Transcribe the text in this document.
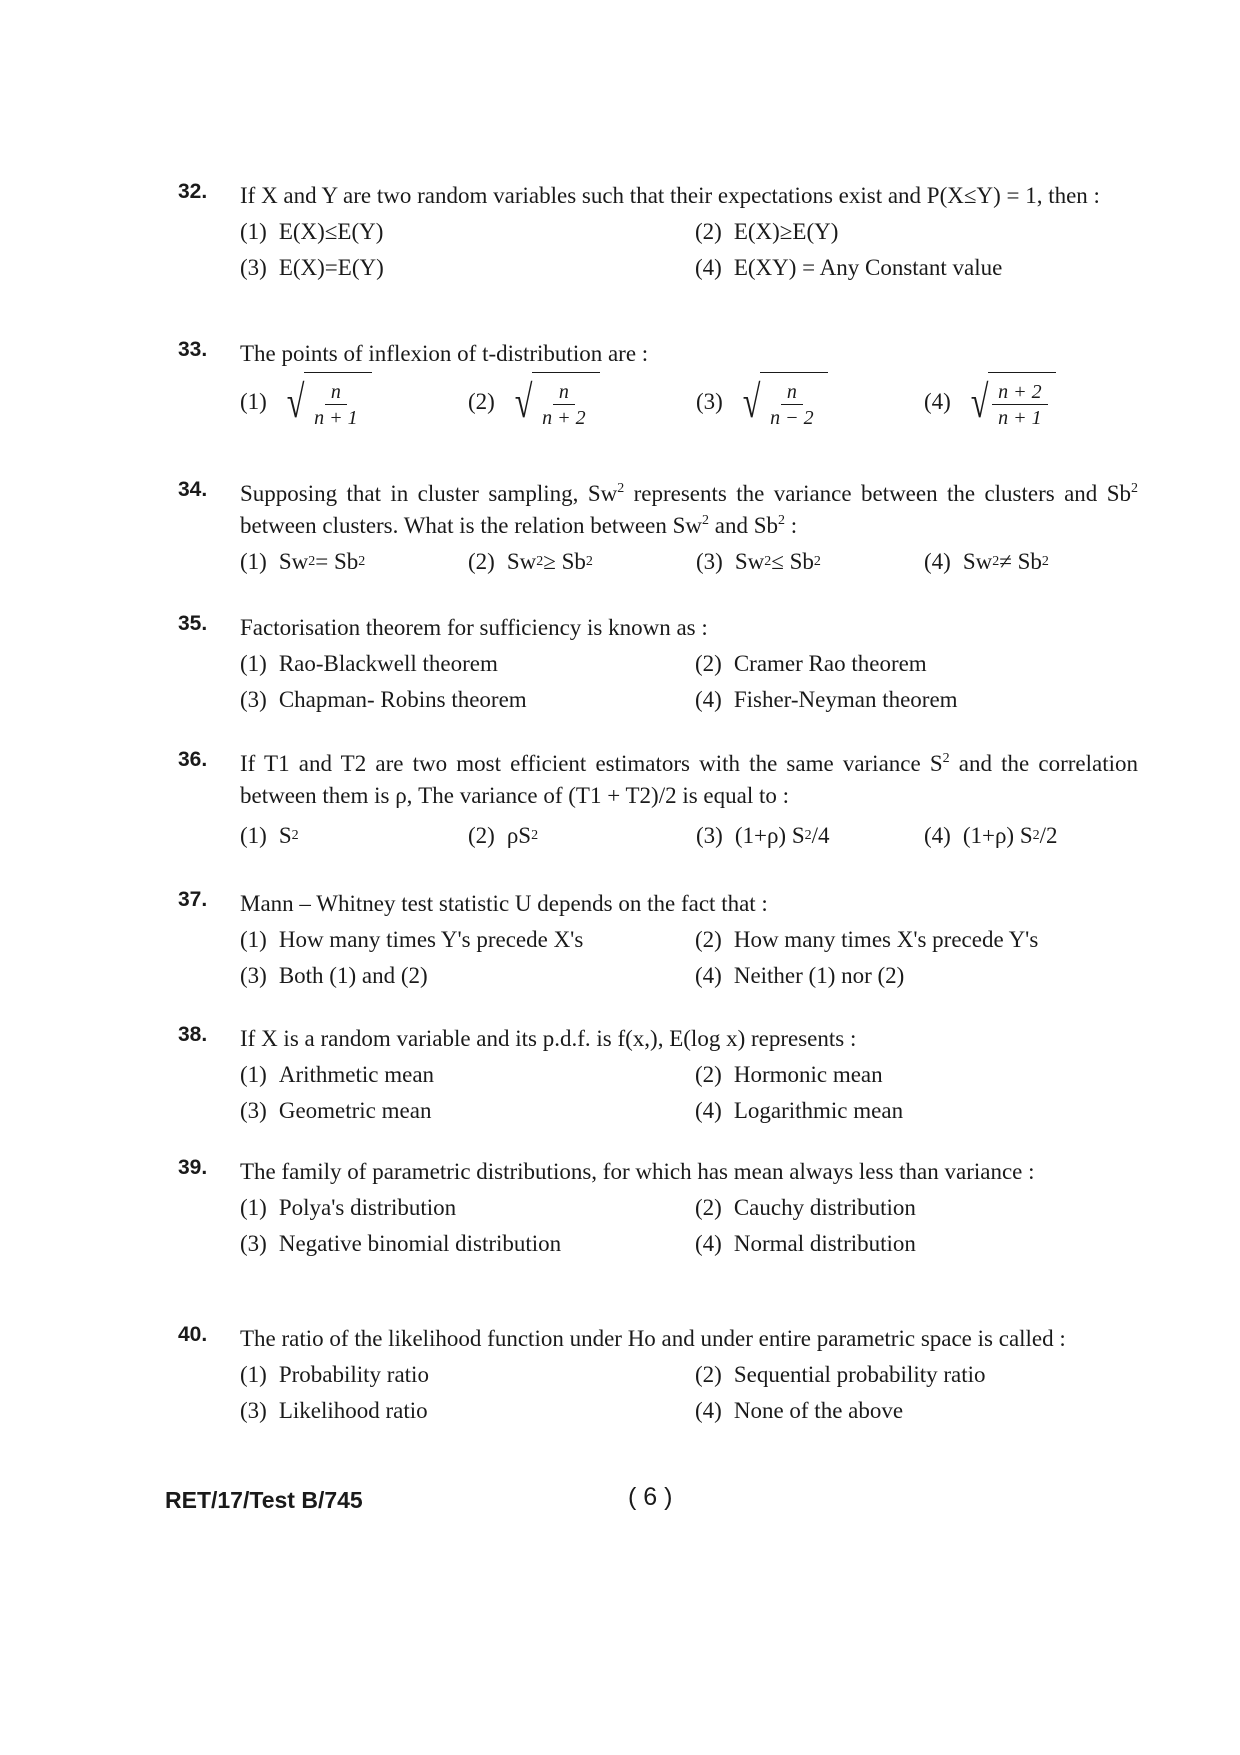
32. If X and Y are two random variables such that their expectations exist and P(X≤Y) = 1, then :
(1) E(X)≤E(Y)	(2) E(X)≥E(Y)
(3) E(X)=E(Y)	(4) E(XY) = Any Constant value
33. The points of inflexion of t-distribution are :
(1) √ $\frac{n}{n + 1}$	(2) √ $\frac{n}{n + 2}$	(3) √ $\frac{n}{n - 2}$	(4) √ $\frac{n + 2}{n + 1}$
34. Supposing that in cluster sampling, Sw$^2$ represents the variance between the clusters and Sb$^2$ between clusters. What is the relation between Sw$^2$ and Sb$^2$ :
(1) Sw 2 = Sb 2	(2) Sw 2 ≥ Sb 2	(3) Sw 2 ≤ Sb 2	(4) Sw 2 ≠ Sb 2
35. Factorisation theorem for sufficiency is known as :
(1) Rao-Blackwell theorem	(2) Cramer Rao theorem
(3) Chapman- Robins theorem	(4) Fisher-Neyman theorem
36. If T1 and T2 are two most efficient estimators with the same variance $S^2$ and the correlation between them is ρ, The variance of (T1 + T2)/2 is equal to :
(1) S 2	(2) ρS 2	(3) (1+ρ) S 2 /4	(4) (1+ρ) S 2 /2
37. Mann – Whitney test statistic U depends on the fact that :
(1) How many times Y's precede X's	(2) How many times X's precede Y's
(3) Both (1) and (2)	(4) Neither (1) nor (2)
38. If X is a random variable and its p.d.f. is f(x,), E(log x) represents :
(1) Arithmetic mean	(2) Hormonic mean
(3) Geometric mean	(4) Logarithmic mean
39. The family of parametric distributions, for which has mean always less than variance :
(1) Polya's distribution	(2) Cauchy distribution
(3) Negative binomial distribution	(4) Normal distribution
40. The ratio of the likelihood function under Ho and under entire parametric space is called :
(1) Probability ratio	(2) Sequential probability ratio
(3) Likelihood ratio	(4) None of the above
RET/17/Test B/745	( 6 )
